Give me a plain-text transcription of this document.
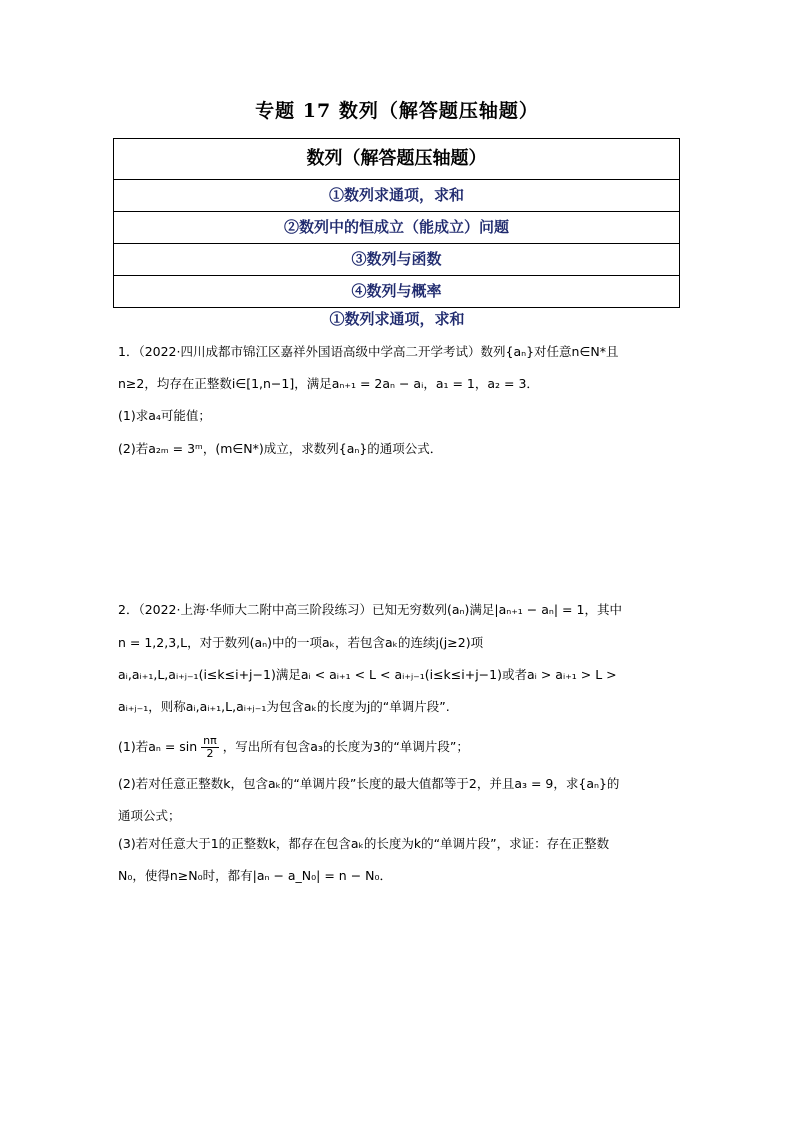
专题 17 数列（解答题压轴题）
数列（解答题压轴题）
①数列求通项，求和
②数列中的恒成立（能成立）问题
③数列与函数
④数列与概率
①数列求通项，求和
1．（2022·四川成都市锦江区嘉祥外国语高级中学高二开学考试）数列{aₙ}对任意n∈N*且
n≥2，均存在正整数i∈[1,n−1]，满足aₙ₊₁ = 2aₙ − aᵢ，a₁ = 1，a₂ = 3．
(1)求a₄可能值；
(2)若a₂ₘ = 3ᵐ，(m∈N*)成立，求数列{aₙ}的通项公式．
2．（2022·上海·华师大二附中高三阶段练习）已知无穷数列(aₙ)满足|aₙ₊₁ − aₙ| = 1，其中
n = 1,2,3,L，对于数列(aₙ)中的一项aₖ，若包含aₖ的连续j(j≥2)项
aᵢ,aᵢ₊₁,L,aᵢ₊ⱼ₋₁(i≤k≤i+j−1)满足aᵢ < aᵢ₊₁ < L < aᵢ₊ⱼ₋₁(i≤k≤i+j−1)或者aᵢ > aᵢ₊₁ > L >
aᵢ₊ⱼ₋₁，则称aᵢ,aᵢ₊₁,L,aᵢ₊ⱼ₋₁为包含aₖ的长度为j的“单调片段”.
(1)若$a_n = \sin \frac{n\pi}{2}$ ，写出所有包含a₃的长度为3的“单调片段”；
(2)若对任意正整数k，包含aₖ的“单调片段”长度的最大值都等于2，并且a₃ = 9，求{aₙ}的
通项公式；
(3)若对任意大于1的正整数k，都存在包含aₖ的长度为k的“单调片段”，求证：存在正整数
N₀，使得n≥N₀时，都有|aₙ − a_N₀| = n − N₀．
